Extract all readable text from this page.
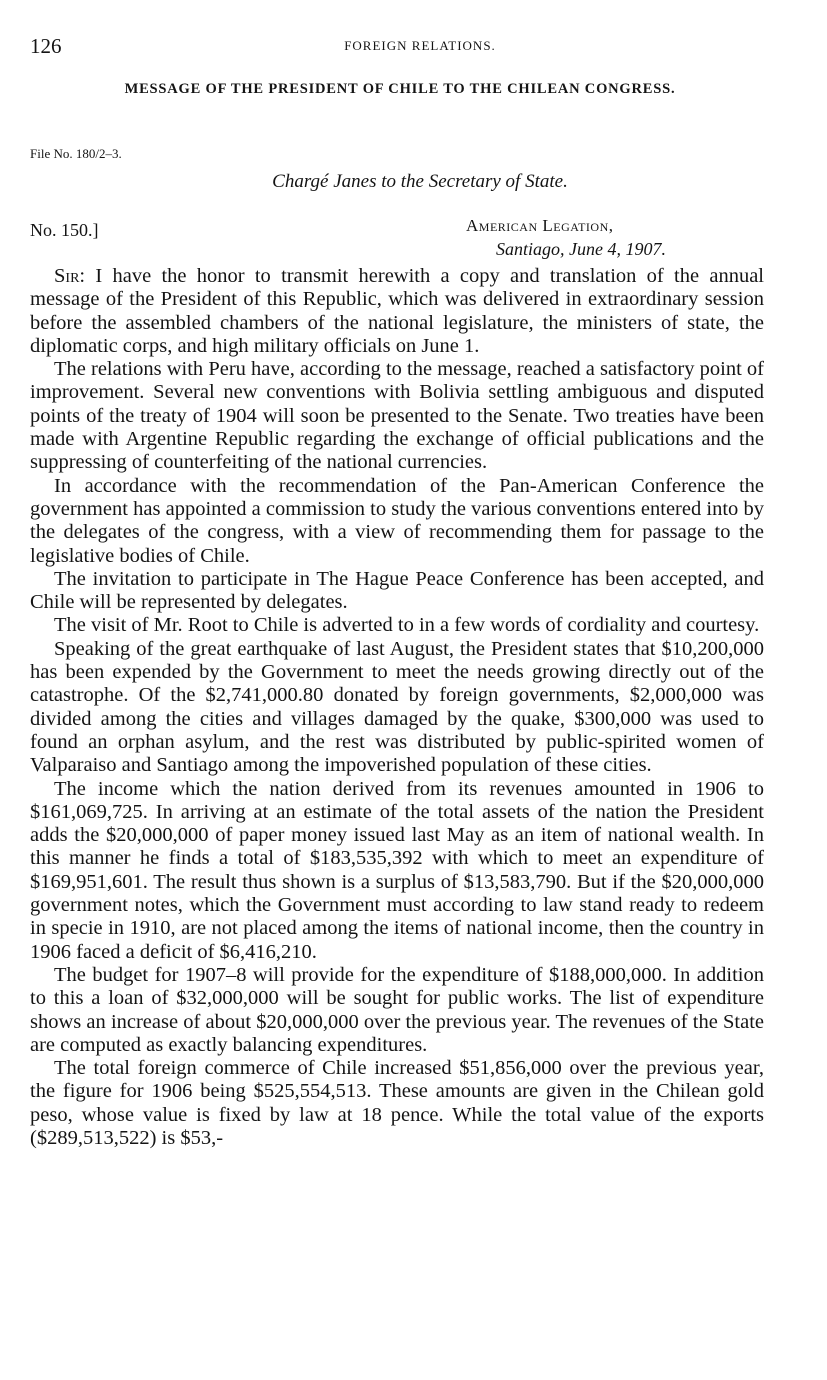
126	FOREIGN RELATIONS.
MESSAGE OF THE PRESIDENT OF CHILE TO THE CHILEAN CONGRESS.
File No. 180/2–3.
Chargé Janes to the Secretary of State.
No. 150.]	American Legation,
Santiago, June 4, 1907.

Sir: I have the honor to transmit herewith a copy and translation of the annual message of the President of this Republic, which was delivered in extraordinary session before the assembled chambers of the national legislature, the ministers of state, the diplomatic corps, and high military officials on June 1.

The relations with Peru have, according to the message, reached a satisfactory point of improvement. Several new conventions with Bolivia settling ambiguous and disputed points of the treaty of 1904 will soon be presented to the Senate. Two treaties have been made with Argentine Republic regarding the exchange of official publications and the suppressing of counterfeiting of the national currencies.

In accordance with the recommendation of the Pan-American Conference the government has appointed a commission to study the various conventions entered into by the delegates of the congress, with a view of recommending them for passage to the legislative bodies of Chile.

The invitation to participate in The Hague Peace Conference has been accepted, and Chile will be represented by delegates.

The visit of Mr. Root to Chile is adverted to in a few words of cordiality and courtesy.

Speaking of the great earthquake of last August, the President states that $10,200,000 has been expended by the Government to meet the needs growing directly out of the catastrophe. Of the $2,741,000.80 donated by foreign governments, $2,000,000 was divided among the cities and villages damaged by the quake, $300,000 was used to found an orphan asylum, and the rest was distributed by public-spirited women of Valparaiso and Santiago among the impoverished population of these cities.

The income which the nation derived from its revenues amounted in 1906 to $161,069,725. In arriving at an estimate of the total assets of the nation the President adds the $20,000,000 of paper money issued last May as an item of national wealth. In this manner he finds a total of $183,535,392 with which to meet an expenditure of $169,951,601. The result thus shown is a surplus of $13,583,790. But if the $20,000,000 government notes, which the Government must according to law stand ready to redeem in specie in 1910, are not placed among the items of national income, then the country in 1906 faced a deficit of $6,416,210.

The budget for 1907–8 will provide for the expenditure of $188,000,000. In addition to this a loan of $32,000,000 will be sought for public works. The list of expenditure shows an increase of about $20,000,000 over the previous year. The revenues of the State are computed as exactly balancing expenditures.

The total foreign commerce of Chile increased $51,856,000 over the previous year, the figure for 1906 being $525,554,513. These amounts are given in the Chilean gold peso, whose value is fixed by law at 18 pence. While the total value of the exports ($289,513,522) is $53,-
